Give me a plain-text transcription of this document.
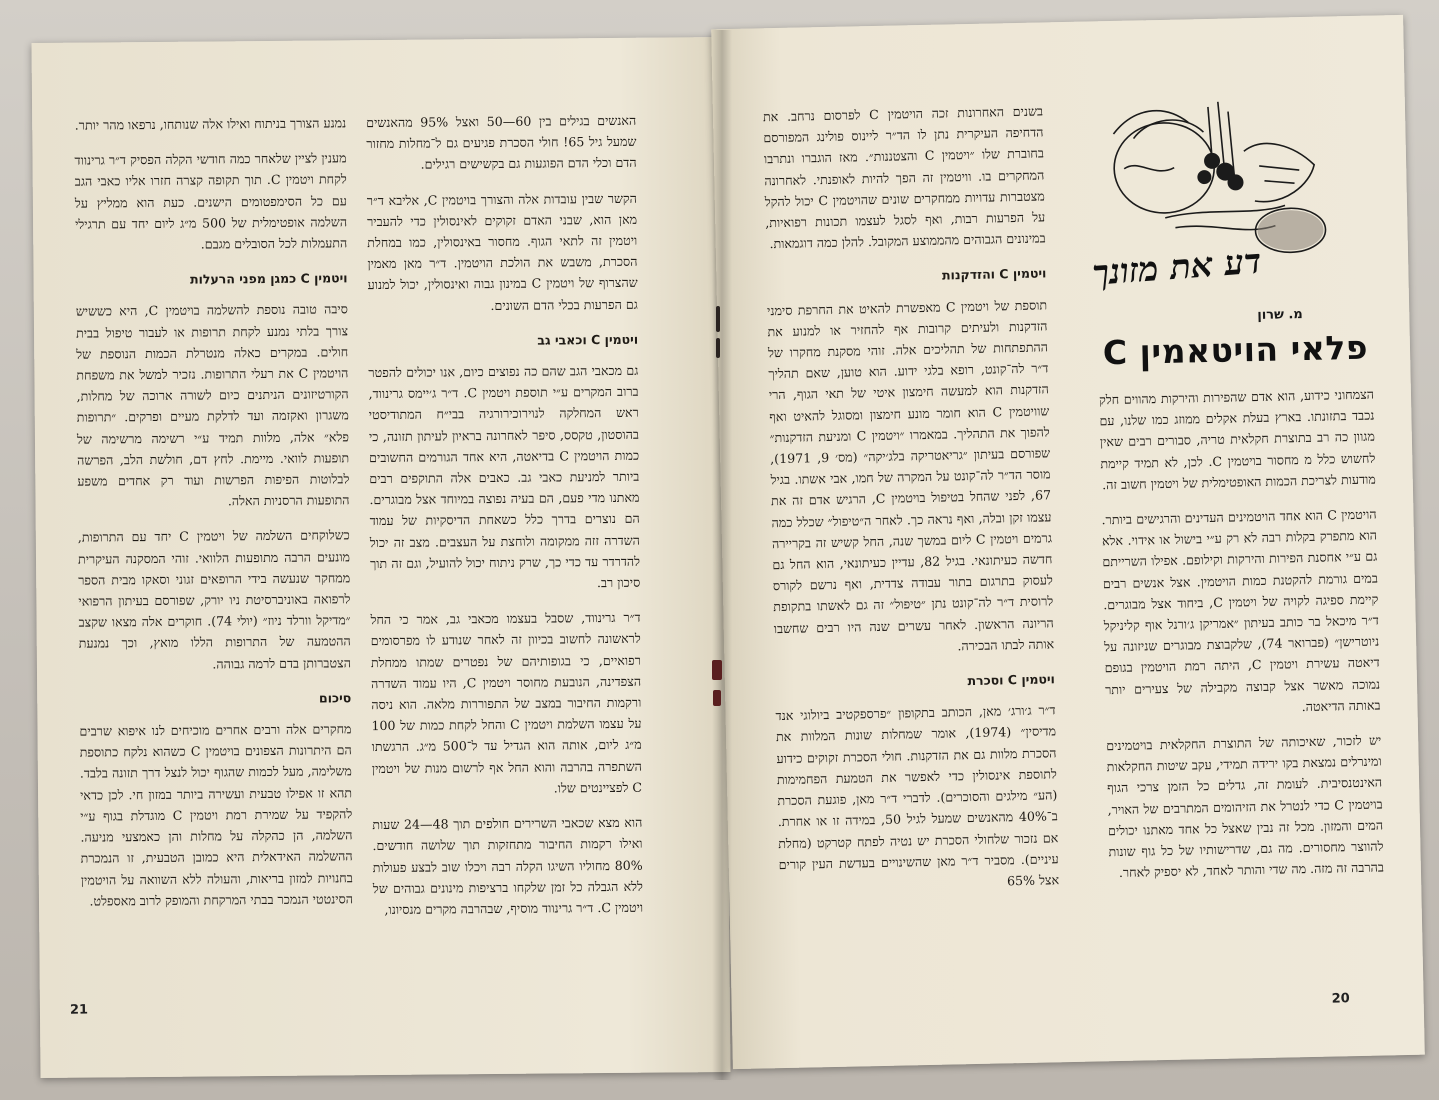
נמנע הצורך בניתוח ואילו אלה שנותחו, נרפאו מהר יותר.

מענין לציין שלאחר כמה חודשי הקלה הפסיק ד״ר גרינווד לקחת ויטמין C. תוך תקופה קצרה חזרו אליו כאבי הגב עם כל הסימפטומים הישנים. כעת הוא ממליץ על השלמה אופטימלית של 500 מ״ג ליום יחד עם תרגילי התעמלות לכל הסובלים מגבם.

ויטמין C כמגן מפני הרעלות

סיבה טובה נוספת להשלמה בויטמין C, היא כששיש צורך בלתי נמנע לקחת תרופות או לעבור טיפול בבית חולים. במקרים כאלה מנטרלת הכמות הנוספת של הויטמין C את רעלי התרופות. נזכיר למשל את משפחת הקורטיזונים הניתנים כיום לשורה ארוכה של מחלות, משגרון ואקזמה ועד לדלקת מעיים ופרקים. ״תרופות פלא״ אלה, מלוות תמיד ע״י רשימה מרשימה של תופעות לוואי. מיימת. לחץ דם, חולשת הלב, הפרשה לבלוטות הפיפות הפרשות ועוד רק אחדים משפע התופעות הרסניות האלה.

כשלוקחים השלמה של ויטמין C יחד עם התרופות, מונעים הרבה מתופעות הלוואי. זוהי המסקנה העיקרית ממחקר שנעשה בידי הרופאים זגוני וסאקו מבית הספר לרפואה באוניברסיטת ניו יורק, שפורסם בעיתון הרפואי ״מדיקל וורלד ניוז״ (יולי 74). חוקרים אלה מצאו שקצב ההטמעה של התרופות הללו מואץ, וכך נמנעת הצטברותן בדם לרמה גבוהה.

סיכום

מחקרים אלה ורבים אחרים מוכיחים לנו איפוא שרבים הם היתרונות הצפונים בויטמין C כשהוא נלקח כתוספת משלימה, מעל לכמות שהגוף יכול לנצל דרך תזונה בלבד. תהא זו אפילו טבעית ועשירה ביותר במזון חי. לכן כדאי להקפיד על שמירת רמת ויטמין C מוגדלת בגוף ע״י השלמה, הן כהקלה על מחלות והן כאמצעי מניעה. ההשלמה האידאלית היא כמובן הטבעית, זו הנמכרת בחנויות למזון בריאות, והעולה ללא השוואה על הויטמין הסינטטי הנמכר בבתי המרקחת והמופק לרוב מאספלט.

האנשים בגילים בין 60—50 ואצל 95% מהאנשים שמעל גיל 65! חולי הסכרת פגיעים גם ל־מחלות מחזור הדם וכלי הדם הפוגעות גם בקשישים רגילים.

הקשר שבין עובדות אלה והצורך בויטמין C, אליבא ד״ר מאן הוא, שבני האדם זקוקים לאינסולין כדי להעביר ויטמין זה לתאי הגוף. מחסור באינסולין, כמו במחלת הסכרת, משבש את הולכת הויטמין. ד״ר מאן מאמין שהצרוף של ויטמין C במינון גבוה ואינסולין, יכול למנוע גם הפרעות בכלי הדם השונים.

ויטמין C וכאבי גב

גם מכאבי הגב שהם כה נפוצים כיום, אנו יכולים להפטר ברוב המקרים ע״י תוספת ויטמין C. ד״ר ג׳יימס גרינווד, ראש המחלקה לנוירוכירורגיה בבי״ח המתודיסטי בהוסטון, טקסס, סיפר לאחרונה בראיון לעיתון תזונה, כי כמות הויטמין C בדיאטה, היא אחד הגורמים החשובים ביותר למניעת כאבי גב. כאבים אלה התוקפים רבים מאתנו מדי פעם, הם בעיה נפוצה במיוחד אצל מבוגרים. הם נוצרים בדרך כלל כשאחת הדיסקיות של עמוד השדרה זזה ממקומה ולוחצת על העצבים. מצב זה יכול להדרדר עד כדי כך, שרק ניתוח יכול להועיל, וגם זה תוך סיכון רב.

ד״ר גרינווד, שסבל בעצמו מכאבי גב, אמר כי החל לראשונה לחשוב בכיוון זה לאחר שנודע לו מפרסומים רפואיים, כי בגופותיהם של נפטרים שמתו ממחלת הצפדינה, הנובעת מחוסר ויטמין C, היו עמוד השדרה ורקמות החיבור במצב של התפוררות מלאה. הוא ניסה על עצמו השלמת ויטמין C והחל לקחת כמות של 100 מ״ג ליום, אותה הוא הגדיל עד ל־500 מ״ג. הרגשתו השתפרה בהרבה והוא החל אף לרשום מנות של ויטמין C לפציינטים שלו.

הוא מצא שכאבי השרירים חולפים תוך 48—24 שעות ואילו רקמות החיבור מתחזקות תוך שלושה חודשים. 80% מחוליו השיגו הקלה רבה ויכלו שוב לבצע פעולות ללא הגבלה כל זמן שלקחו ברציפות מינונים גבוהים של ויטמין C. ד״ר גרינווד מוסיף, שבהרבה מקרים מנסיונו,

21
דע את מזונך
מ. שרון
פלאי הויטאמין C

הצמחוני כידוע, הוא אדם שהפירות והירקות מהווים חלק נכבד בתזונתו. בארץ בעלת אקלים ממוזג כמו שלנו, עם מגוון כה רב בתוצרת חקלאית טריה, סבורים רבים שאין לחשוש כלל מ מחסור בויטמין C. לכן, לא תמיד קיימת מודעות לצריכת הכמות האופטימלית של ויטמין חשוב זה.

הויטמין C הוא אחד הויטמינים העדינים והרגישים ביותר. הוא מתפרק בקלות רבה לא רק ע״י בישול או אידוי. אלא גם ע״י אחסנת הפירות והירקות וקילופם. אפילו השרייתם במים גורמת להקטנת כמות הויטמין. אצל אנשים רבים קיימת ספיגה לקויה של ויטמין C, ביחוד אצל מבוגרים. ד״ר מיכאל בר כותב בעיתון ״אמריקן ג׳ורנל אוף קליניקל ניוטרישן״ (פברואר 74), שלקבוצת מבוגרים שניזונה על דיאטה עשירת ויטמין C, היתה רמת הויטמין בגופם נמוכה מאשר אצל קבוצה מקבילה של צעירים יותר באותה הדיאטה.

יש לזכור, שאיכותה של התוצרת החקלאית בויטמינים ומינרלים נמצאת בקו ירידה תמידי, עקב שיטות החקלאות האינטנסיבית. לעומת זה, גדלים כל הזמן צרכי הגוף בויטמין C כדי לנטרל את הזיהומים המתרבים של האויר, המים והמזון. מכל זה נבין שאצל כל אחד מאתנו יכולים להווצר מחסורים. מה גם, שדרישותיו של כל גוף שונות בהרבה זה מזה. מה שדי והותר לאחד, לא יספיק לאחר.

בשנים האחרונות זכה הויטמין C לפרסום נרחב. את הדחיפה העיקרית נתן לו הד״ר ליינוס פולינג המפורסם בחוברת שלו ״ויטמין C והצטננות״. מאז הוגברו ונתרבו המחקרים בו. וויטמין זה הפך להיות לאופנתי. לאחרונה מצטברות עדויות ממחקרים שונים שהויטמין C יכול להקל על הפרעות רבות, ואף לסגל לעצמו תכונות רפואיות, במינונים הגבוהים מהממוצע המקובל. להלן כמה דוגמאות.

ויטמין C והזדקנות

תוספת של ויטמין C מאפשרת להאיט את החרפת סימני הזדקנות ולעיתים קרובות אף להחזיר או למנוע את ההתפתחות של תהליכים אלה. זוהי מסקנת מחקרו של ד״ר לה־קונט, רופא בלגי ידוע. הוא טוען, שאם תהליך הזדקנות הוא למעשה חימצון איטי של תאי הגוף, הרי שוויטמין C הוא חומר מונע חימצון ומסוגל להאיט ואף להפוך את התהליך. במאמרו ״ויטמין C ומניעת הזדקנות״ שפורסם בעיתון ״גריאטריקה בלג׳יקה״ (מס׳ 9, 1971), מוסר הד״ר לה־קונט על המקרה של חמו, אבי אשתו. בגיל 67, לפני שהחל בטיפול בויטמין C, הרגיש אדם זה את עצמו זקן ובלה, ואף נראה כך. לאחר ה״טיפול״ שכלל כמה גרמים ויטמין C ליום במשך שנה, החל קשיש זה בקריירה חדשה כעיתונאי. בגיל 82, עדיין כעיתונאי, הוא החל גם לעסוק בתרגום בתור עבודה צדדית, ואף נרשם לקורס לרוסית ד״ר לה־קונט נתן ״טיפול״ זה גם לאשתו בתקופת הריונה הראשון. לאחר עשרים שנה היו רבים שחשבו אותה לבתו הבכירה.

ויטמין C וסכרת

ד״ר ג׳ורג׳ מאן, הכותב בתקופון ״פרספקטיב ביולוגי אנד מדיסין״ (1974), אומר שמחלות שונות המלוות את הסכרת מלוות גם את הזדקנות. חולי הסכרת זקוקים כידוע לתוספת אינסולין כדי לאפשר את הטמעת הפחמימות (הע״ מילגים והסוכרים). לדברי ד״ר מאן, פוגעת הסכרת ב־40% מהאנשים שמעל לגיל 50, במידה זו או אחרת. אם נזכור שלחולי הסכרת יש נטיה לפתח קטרקט (מחלת עיניים). מסביר ד״ר מאן שהשינויים בעדשת העין קורים אצל 65%

20
